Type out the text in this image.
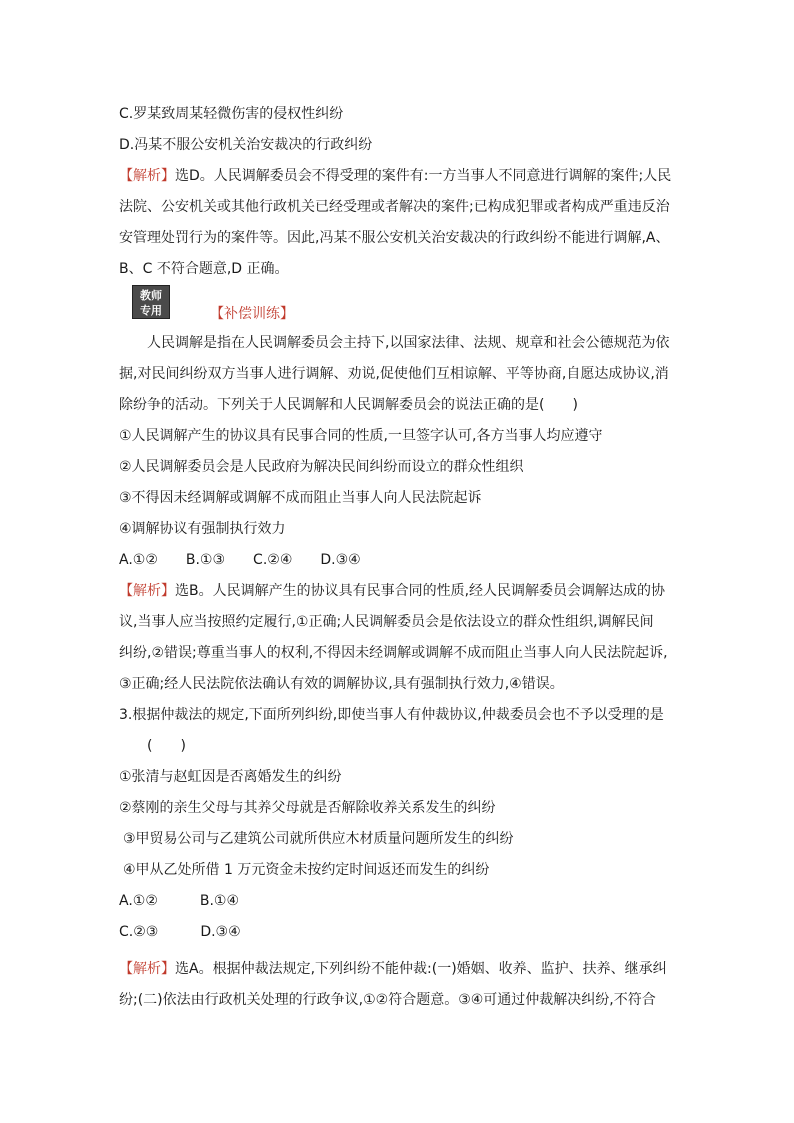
C.罗某致周某轻微伤害的侵权性纠纷
D.冯某不服公安机关治安裁决的行政纠纷
【解析】选D。人民调解委员会不得受理的案件有:一方当事人不同意进行调解的案件;人民
法院、公安机关或其他行政机关已经受理或者解决的案件;已构成犯罪或者构成严重违反治
安管理处罚行为的案件等。因此,冯某不服公安机关治安裁决的行政纠纷不能进行调解,A、
B、C 不符合题意,D 正确。
教师
专用	【补偿训练】
人民调解是指在人民调解委员会主持下,以国家法律、法规、规章和社会公德规范为依
据,对民间纠纷双方当事人进行调解、劝说,促使他们互相谅解、平等协商,自愿达成协议,消
除纷争的活动。下列关于人民调解和人民调解委员会的说法正确的是(　　)
①人民调解产生的协议具有民事合同的性质,一旦签字认可,各方当事人均应遵守
②人民调解委员会是人民政府为解决民间纠纷而设立的群众性组织
③不得因未经调解或调解不成而阻止当事人向人民法院起诉
④调解协议有强制执行效力
A.①②　　B.①③　　C.②④　　D.③④
【解析】选B。人民调解产生的协议具有民事合同的性质,经人民调解委员会调解达成的协
议,当事人应当按照约定履行,①正确;人民调解委员会是依法设立的群众性组织,调解民间
纠纷,②错误;尊重当事人的权利,不得因未经调解或调解不成而阻止当事人向人民法院起诉,
③正确;经人民法院依法确认有效的调解协议,具有强制执行效力,④错误。
3.根据仲裁法的规定,下面所列纠纷,即使当事人有仲裁协议,仲裁委员会也不予以受理的是
(　　)
①张清与赵虹因是否离婚发生的纠纷
②蔡刚的亲生父母与其养父母就是否解除收养关系发生的纠纷
③甲贸易公司与乙建筑公司就所供应木材质量问题所发生的纠纷
④甲从乙处所借 1 万元资金未按约定时间返还而发生的纠纷
A.①②　　　B.①④
C.②③　　　D.③④
【解析】选A。根据仲裁法规定,下列纠纷不能仲裁:(一)婚姻、收养、监护、扶养、继承纠
纷;(二)依法由行政机关处理的行政争议,①②符合题意。③④可通过仲裁解决纠纷,不符合
